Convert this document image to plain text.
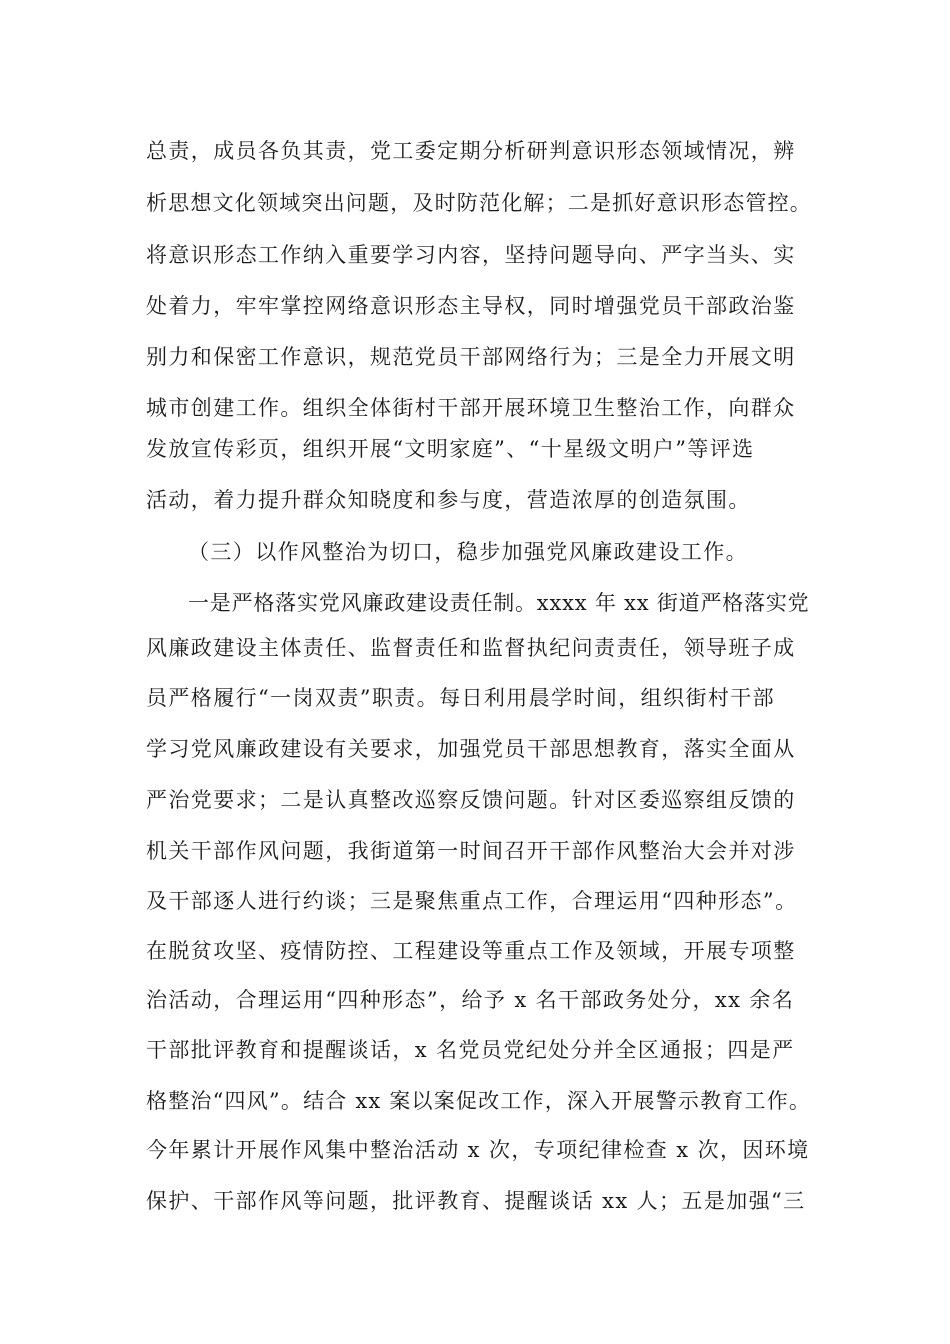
总责，成员各负其责，党工委定期分析研判意识形态领域情况，辨
析思想文化领域突出问题，及时防范化解；二是抓好意识形态管控。
将意识形态工作纳入重要学习内容，坚持问题导向、严字当头、实
处着力，牢牢掌控网络意识形态主导权，同时增强党员干部政治鉴
别力和保密工作意识，规范党员干部网络行为；三是全力开展文明
城市创建工作。组织全体街村干部开展环境卫生整治工作，向群众
发放宣传彩页，组织开展“文明家庭”、“十星级文明户”等评选
活动，着力提升群众知晓度和参与度，营造浓厚的创造氛围。
（三）以作风整治为切口，稳步加强党风廉政建设工作。
一是严格落实党风廉政建设责任制。xxxx 年 xx 街道严格落实党
风廉政建设主体责任、监督责任和监督执纪问责责任，领导班子成
员严格履行“一岗双责”职责。每日利用晨学时间，组织街村干部
学习党风廉政建设有关要求，加强党员干部思想教育，落实全面从
严治党要求；二是认真整改巡察反馈问题。针对区委巡察组反馈的
机关干部作风问题，我街道第一时间召开干部作风整治大会并对涉
及干部逐人进行约谈；三是聚焦重点工作，合理运用“四种形态”。
在脱贫攻坚、疫情防控、工程建设等重点工作及领域，开展专项整
治活动，合理运用“四种形态”，给予 x 名干部政务处分，xx 余名
干部批评教育和提醒谈话，x 名党员党纪处分并全区通报；四是严
格整治“四风”。结合 xx 案以案促改工作，深入开展警示教育工作。
今年累计开展作风集中整治活动 x 次，专项纪律检查 x 次，因环境
保护、干部作风等问题，批评教育、提醒谈话 xx 人；五是加强“三
